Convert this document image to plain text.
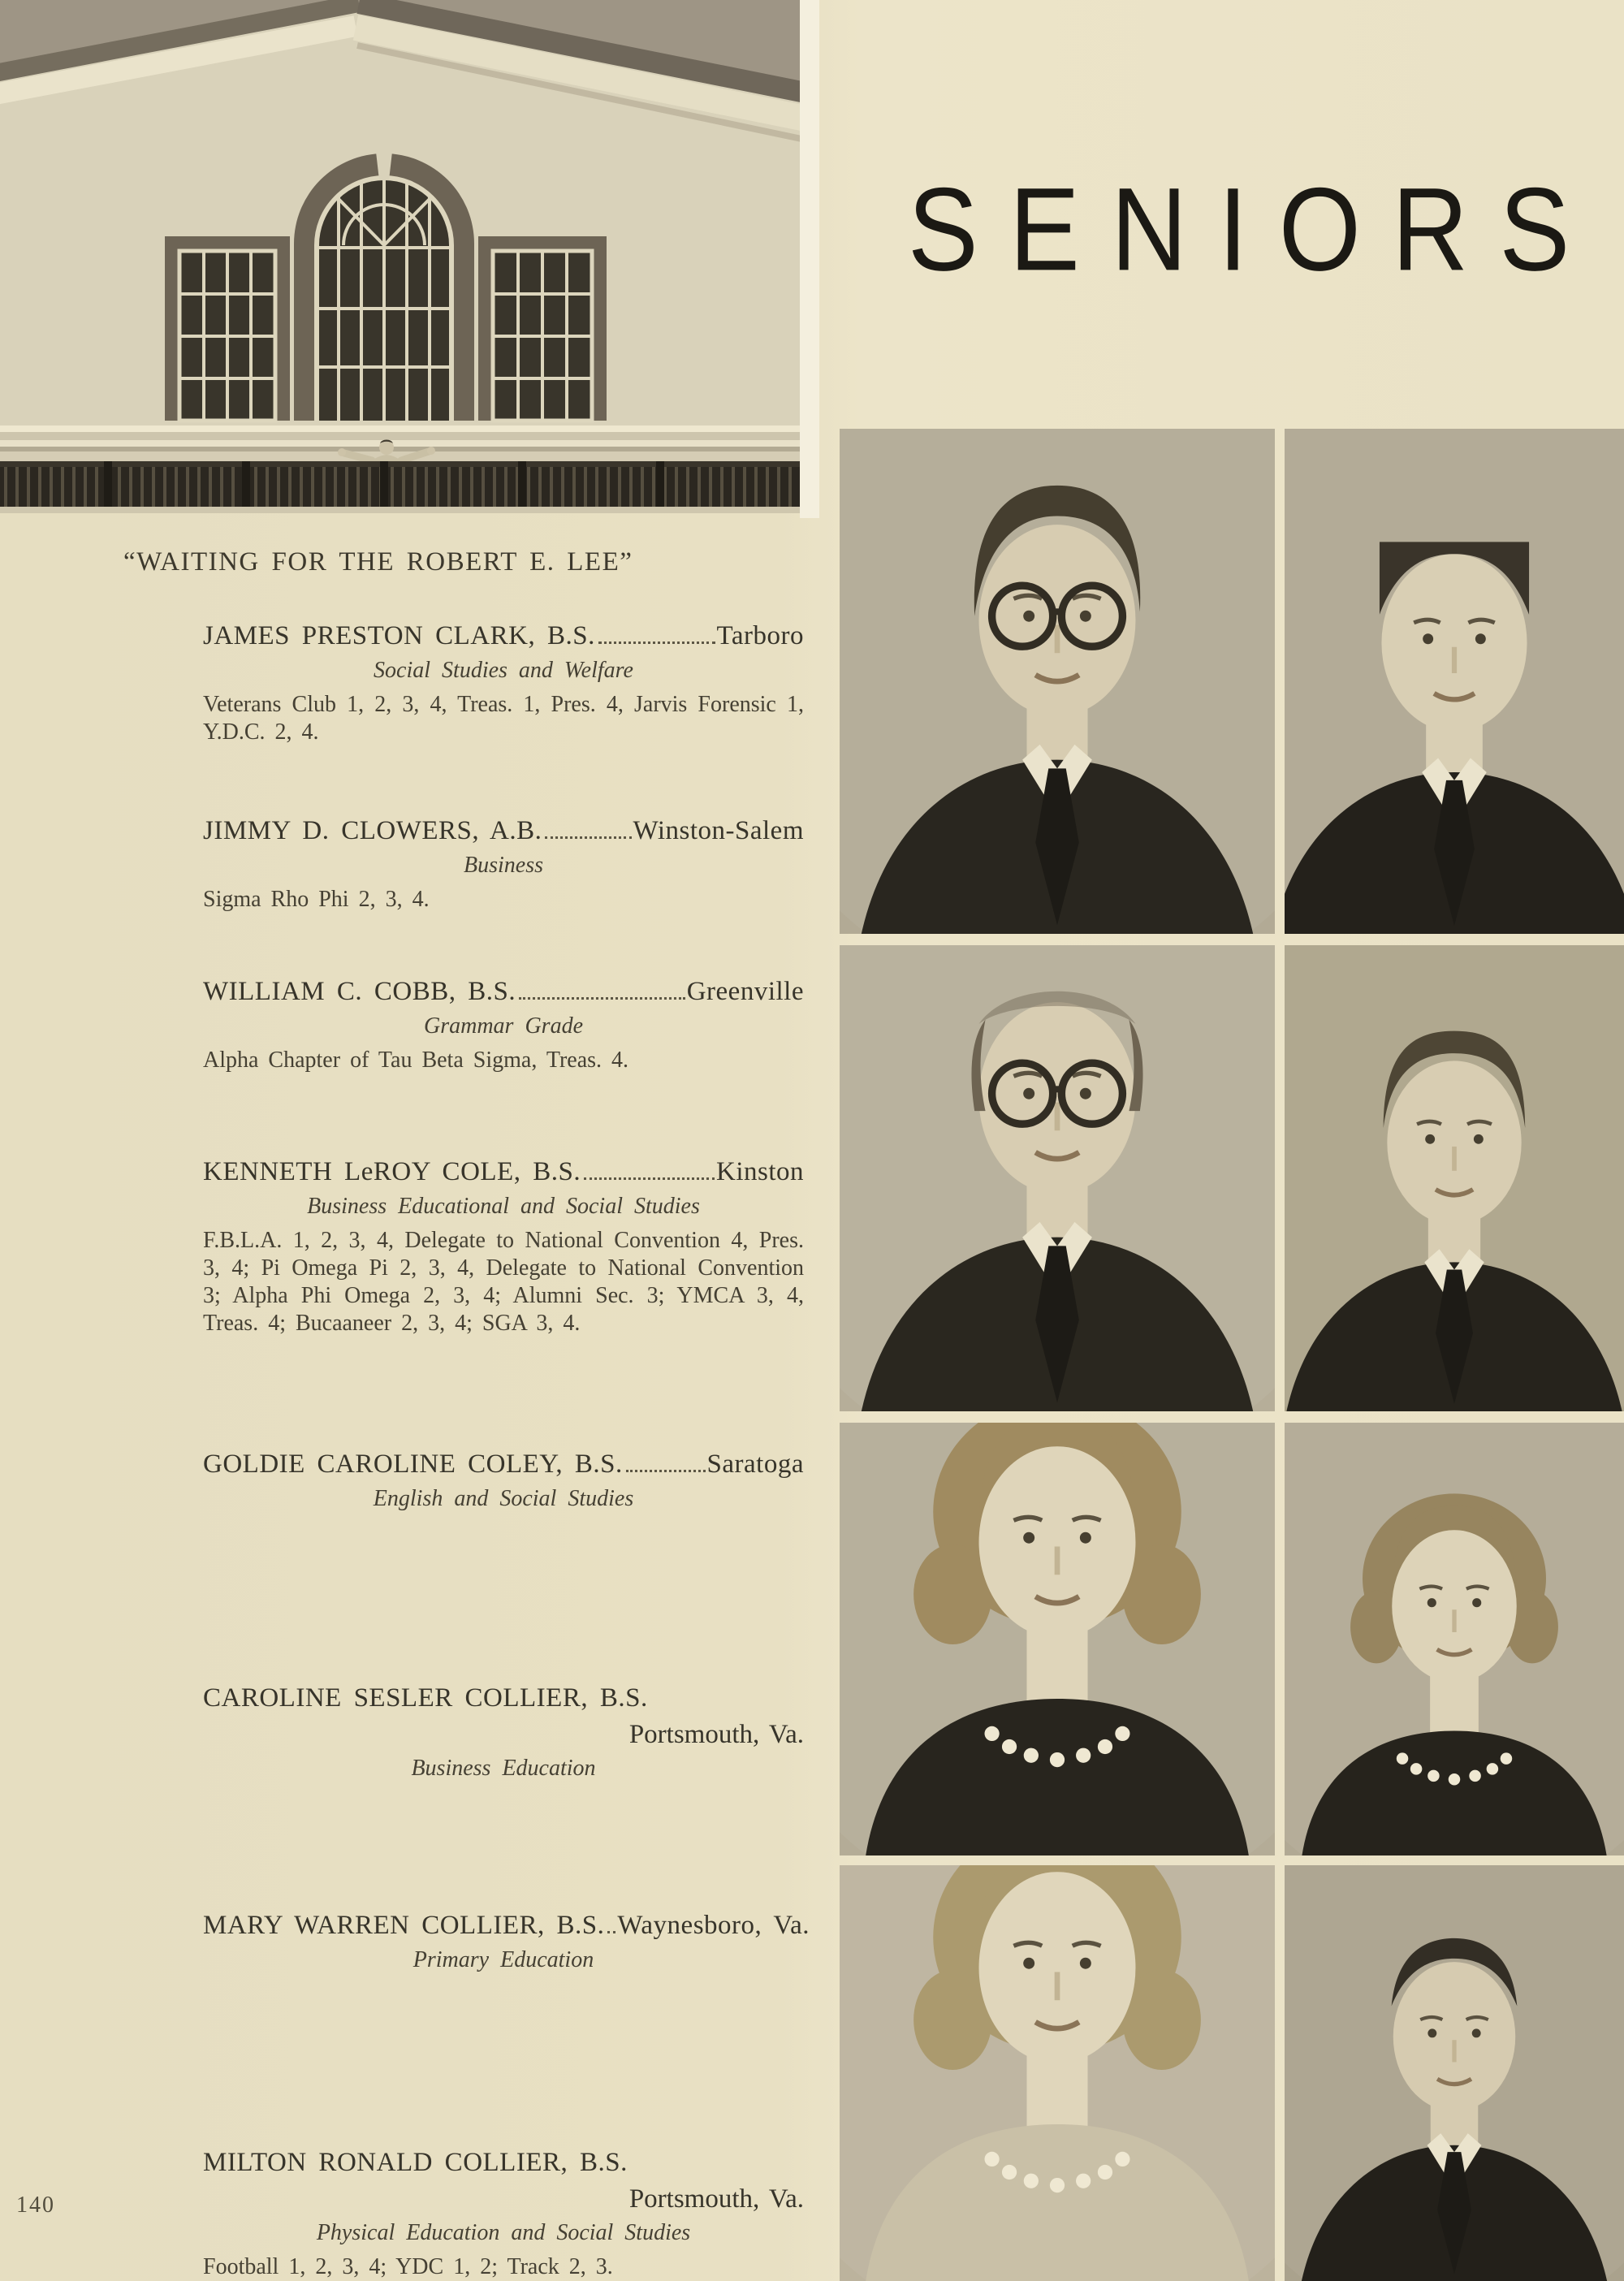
SENIORS
“WAITING FOR THE ROBERT E. LEE”
JAMES PRESTON CLARK, B.S.	Tarboro
Social Studies and Welfare
Veterans Club 1, 2, 3, 4, Treas. 1, Pres. 4, Jarvis Forensic 1, Y.D.C. 2, 4.
JIMMY D. CLOWERS, A.B.	Winston-Salem
Business
Sigma Rho Phi 2, 3, 4.
WILLIAM C. COBB, B.S.	Greenville
Grammar Grade
Alpha Chapter of Tau Beta Sigma, Treas. 4.
KENNETH LeROY COLE, B.S.	Kinston
Business Educational and Social Studies
F.B.L.A. 1, 2, 3, 4, Delegate to National Convention 4, Pres. 3, 4; Pi Omega Pi 2, 3, 4, Delegate to National Convention 3; Alpha Phi Omega 2, 3, 4; Alumni Sec. 3; YMCA 3, 4, Treas. 4; Bucaaneer 2, 3, 4; SGA 3, 4.
GOLDIE CAROLINE COLEY, B.S.	Saratoga
English and Social Studies
CAROLINE SESLER COLLIER, B.S.
Portsmouth, Va.
Business Education
MARY WARREN COLLIER, B.S. Waynesboro, Va.
Primary Education
MILTON RONALD COLLIER, B.S.
Portsmouth, Va.
Physical Education and Social Studies
Football 1, 2, 3, 4; YDC 1, 2; Track 2, 3.
140
